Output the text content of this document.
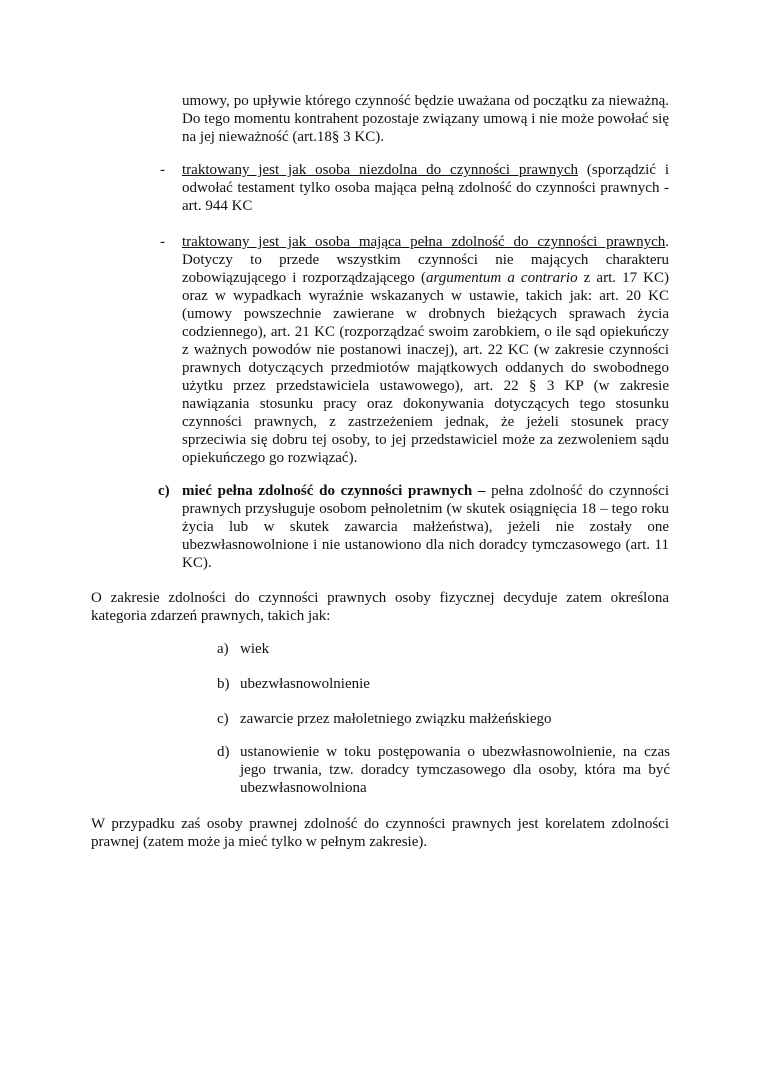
umowy, po upływie którego czynność będzie uważana od początku za nieważną. Do tego momentu kontrahent pozostaje związany umową i nie może powołać się na jej nieważność (art.18§ 3 KC).
-	traktowany jest jak osoba niezdolna do czynności prawnych (sporządzić i odwołać testament tylko osoba mająca pełną zdolność do czynności prawnych - art. 944 KC
-	traktowany jest jak osoba mająca pełna zdolność do czynności prawnych. Dotyczy to przede wszystkim czynności nie mających charakteru zobowiązującego i rozporządzającego (argumentum a contrario z art. 17 KC) oraz w wypadkach wyraźnie wskazanych w ustawie, takich jak: art. 20 KC (umowy powszechnie zawierane w drobnych bieżących sprawach życia codziennego), art. 21 KC (rozporządzać swoim zarobkiem, o ile sąd opiekuńczy z ważnych powodów nie postanowi inaczej), art. 22 KC (w zakresie czynności prawnych dotyczących przedmiotów majątkowych oddanych do swobodnego użytku przez przedstawiciela ustawowego), art. 22 § 3 KP (w zakresie nawiązania stosunku pracy oraz dokonywania dotyczących tego stosunku czynności prawnych, z zastrzeżeniem jednak, że jeżeli stosunek pracy sprzeciwia się dobru tej osoby, to jej przedstawiciel może za zezwoleniem sądu opiekuńczego go rozwiązać).
c) mieć pełna zdolność do czynności prawnych – pełna zdolność do czynności prawnych przysługuje osobom pełnoletnim (w skutek osiągnięcia 18 – tego roku życia lub w skutek zawarcia małżeństwa), jeżeli nie zostały one ubezwłasnowolnione i nie ustanowiono dla nich doradcy tymczasowego (art. 11 KC).
O zakresie zdolności do czynności prawnych osoby fizycznej decyduje zatem określona kategoria zdarzeń prawnych, takich jak:
a) wiek
b) ubezwłasnowolnienie
c) zawarcie przez małoletniego związku małżeńskiego
d) ustanowienie w toku postępowania o ubezwłasnowolnienie, na czas jego trwania, tzw. doradcy tymczasowego dla osoby, która ma być ubezwłasnowolniona
W przypadku zaś osoby prawnej zdolność do czynności prawnych jest korelatem zdolności prawnej (zatem może ja mieć tylko w pełnym zakresie).
